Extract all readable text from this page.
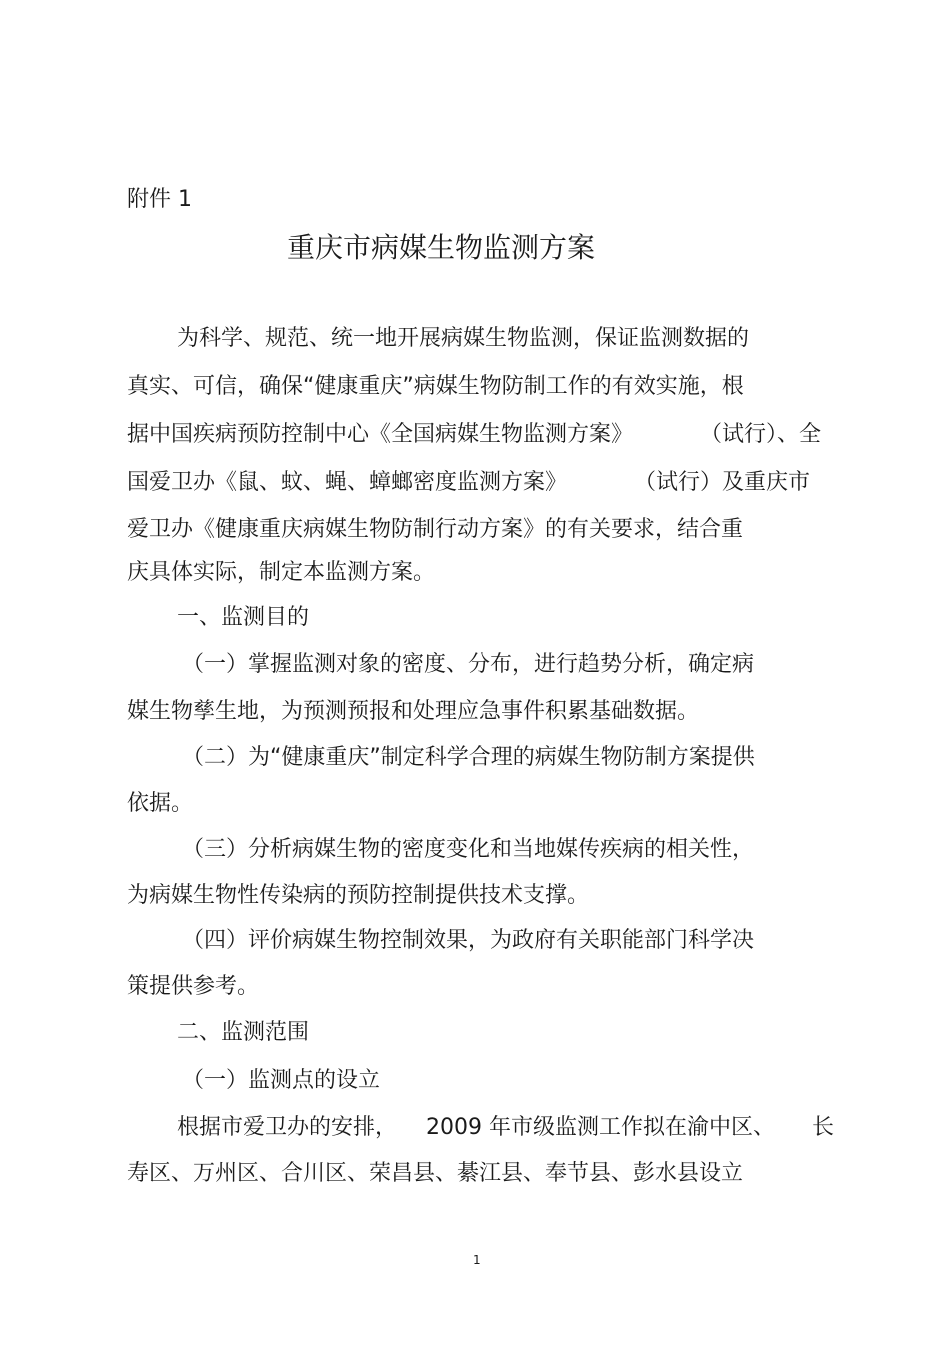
附件 1
重庆市病媒生物监测方案
为科学、规范、统一地开展病媒生物监测，保证监测数据的
真实、可信，确保“健康重庆”病媒生物防制工作的有效实施，根
据中国疾病预防控制中心《全国病媒生物监测方案》	（试行）、全
国爱卫办《鼠、蚊、蝇、蟑螂密度监测方案》	（试行）及重庆市
爱卫办《健康重庆病媒生物防制行动方案》的有关要求，结合重
庆具体实际，制定本监测方案。
一、监测目的
（一）掌握监测对象的密度、分布，进行趋势分析，确定病
媒生物孳生地，为预测预报和处理应急事件积累基础数据。
（二）为“健康重庆”制定科学合理的病媒生物防制方案提供
依据。
（三）分析病媒生物的密度变化和当地媒传疾病的相关性，
为病媒生物性传染病的预防控制提供技术支撑。
（四）评价病媒生物控制效果，为政府有关职能部门科学决
策提供参考。
二、监测范围
（一）监测点的设立
根据市爱卫办的安排， 2009 年市级监测工作拟在渝中区、 长
寿区、万州区、合川区、荣昌县、綦江县、奉节县、彭水县设立
1
